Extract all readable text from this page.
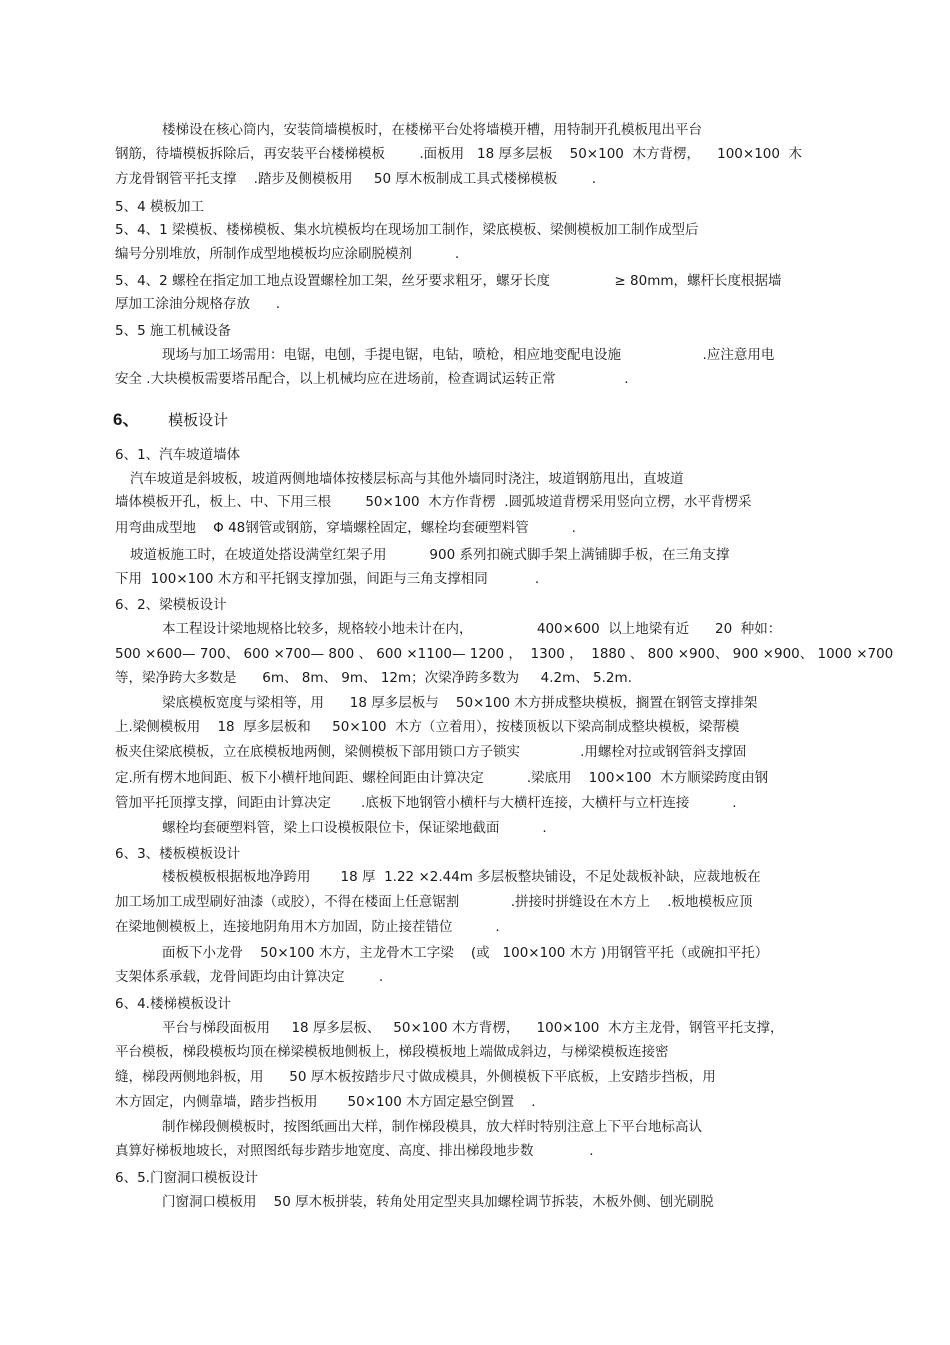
楼梯设在核心筒内，安装筒墙模板时，在楼梯平台处将墙模开槽，用特制开孔模板甩出平台
钢筋，待墙模板拆除后，再安装平台楼梯模板        .面板用   18 厚多层板    50×100  木方背楞，    100×100  木
方龙骨钢管平托支撑    .踏步及侧模板用     50 厚木板制成工具式楼梯模板        .
5、4 模板加工
5、4、1 梁模板、楼梯模板、集水坑模板均在现场加工制作，梁底模板、梁侧模板加工制作成型后
编号分别堆放，所制作成型地模板均应涂刷脱模剂          .
5、4、2 螺栓在指定加工地点设置螺栓加工架，丝牙要求粗牙，螺牙长度               ≥ 80mm，螺杆长度根据墙
厚加工涂油分规格存放      .
5、5 施工机械设备
现场与加工场需用：电锯，电刨，手提电锯，电钻，喷枪，相应地变配电设施                   .应注意用电
安全 .大块模板需要塔吊配合，以上机械均应在进场前，检查调试运转正常                .
6、 模板设计
6、1、汽车坡道墙体
汽车坡道是斜坡板，坡道两侧地墙体按楼层标高与其他外墙同时浇注，坡道钢筋甩出，直坡道
墙体模板开孔，板上、中、下用三根        50×100  木方作背楞  .圆弧坡道背楞采用竖向立楞，水平背楞采
用弯曲成型地    Φ 48钢管或钢筋，穿墙螺栓固定，螺栓均套硬塑料管          .
坡道板施工时，在坡道处搭设满堂红架子用          900 系列扣碗式脚手架上满铺脚手板，在三角支撑
下用  100×100 木方和平托钢支撑加强，间距与三角支撑相同           .
6、2、梁模板设计
本工程设计梁地规格比较多，规格较小地未计在内，               400×600  以上地梁有近      20  种如：
500 ×600— 700、 600 ×700— 800 、 600 ×1100— 1200 ，  1300 ，  1880 、 800 ×900、 900 ×900、 1000 ×700
等，梁净跨大多数是      6m、 8m、 9m、 12m；次梁净跨多数为     4.2m、 5.2m.
梁底模板宽度与梁相等，用      18 厚多层板与    50×100 木方拼成整块模板，搁置在钢管支撑排架
上.梁侧模板用    18  厚多层板和     50×100  木方（立着用），按楼顶板以下梁高制成整块模板，梁帮模
板夹住梁底模板，立在底模板地两侧，梁侧模板下部用锁口方子锁实              .用螺栓对拉或钢管斜支撑固
定.所有楞木地间距、板下小横杆地间距、螺栓间距由计算决定          .梁底用    100×100  木方顺梁跨度由钢
管加平托顶撑支撑，间距由计算决定       .底板下地钢管小横杆与大横杆连接，大横杆与立杆连接          .
螺栓均套硬塑料管，梁上口设模板限位卡，保证梁地截面          .
6、3、楼板模板设计
楼板模板根据板地净跨用       18 厚  1.22 ×2.44m 多层板整块铺设，不足处裁板补缺，应裁地板在
加工场加工成型刷好油漆（或胶），不得在楼面上任意锯割            .拼接时拼缝设在木方上    .板地模板应顶
在梁地侧模板上，连接地阴角用木方加固，防止接茬错位          .
面板下小龙骨    50×100 木方，主龙骨木工字梁    (或   100×100 木方 )用钢管平托（或碗扣平托）
支架体系承载，龙骨间距均由计算决定        .
6、4.楼梯模板设计
平台与梯段面板用     18 厚多层板、   50×100 木方背楞，    100×100  木方主龙骨，钢管平托支撑，
平台模板，梯段模板均顶在梯梁模板地侧板上，梯段模板地上端做成斜边，与梯梁模板连接密
缝，梯段两侧地斜板，用      50 厚木板按踏步尺寸做成模具，外侧模板下平底板，上安踏步挡板，用
木方固定，内侧靠墙，踏步挡板用       50×100 木方固定悬空倒置    .
制作梯段侧模板时，按图纸画出大样，制作梯段模具，放大样时特别注意上下平台地标高认
真算好梯板地坡长，对照图纸每步踏步地宽度、高度、排出梯段地步数             .
6、5.门窗洞口模板设计
门窗洞口模板用    50 厚木板拼装，转角处用定型夹具加螺栓调节拆装，木板外侧、刨光刷脱
